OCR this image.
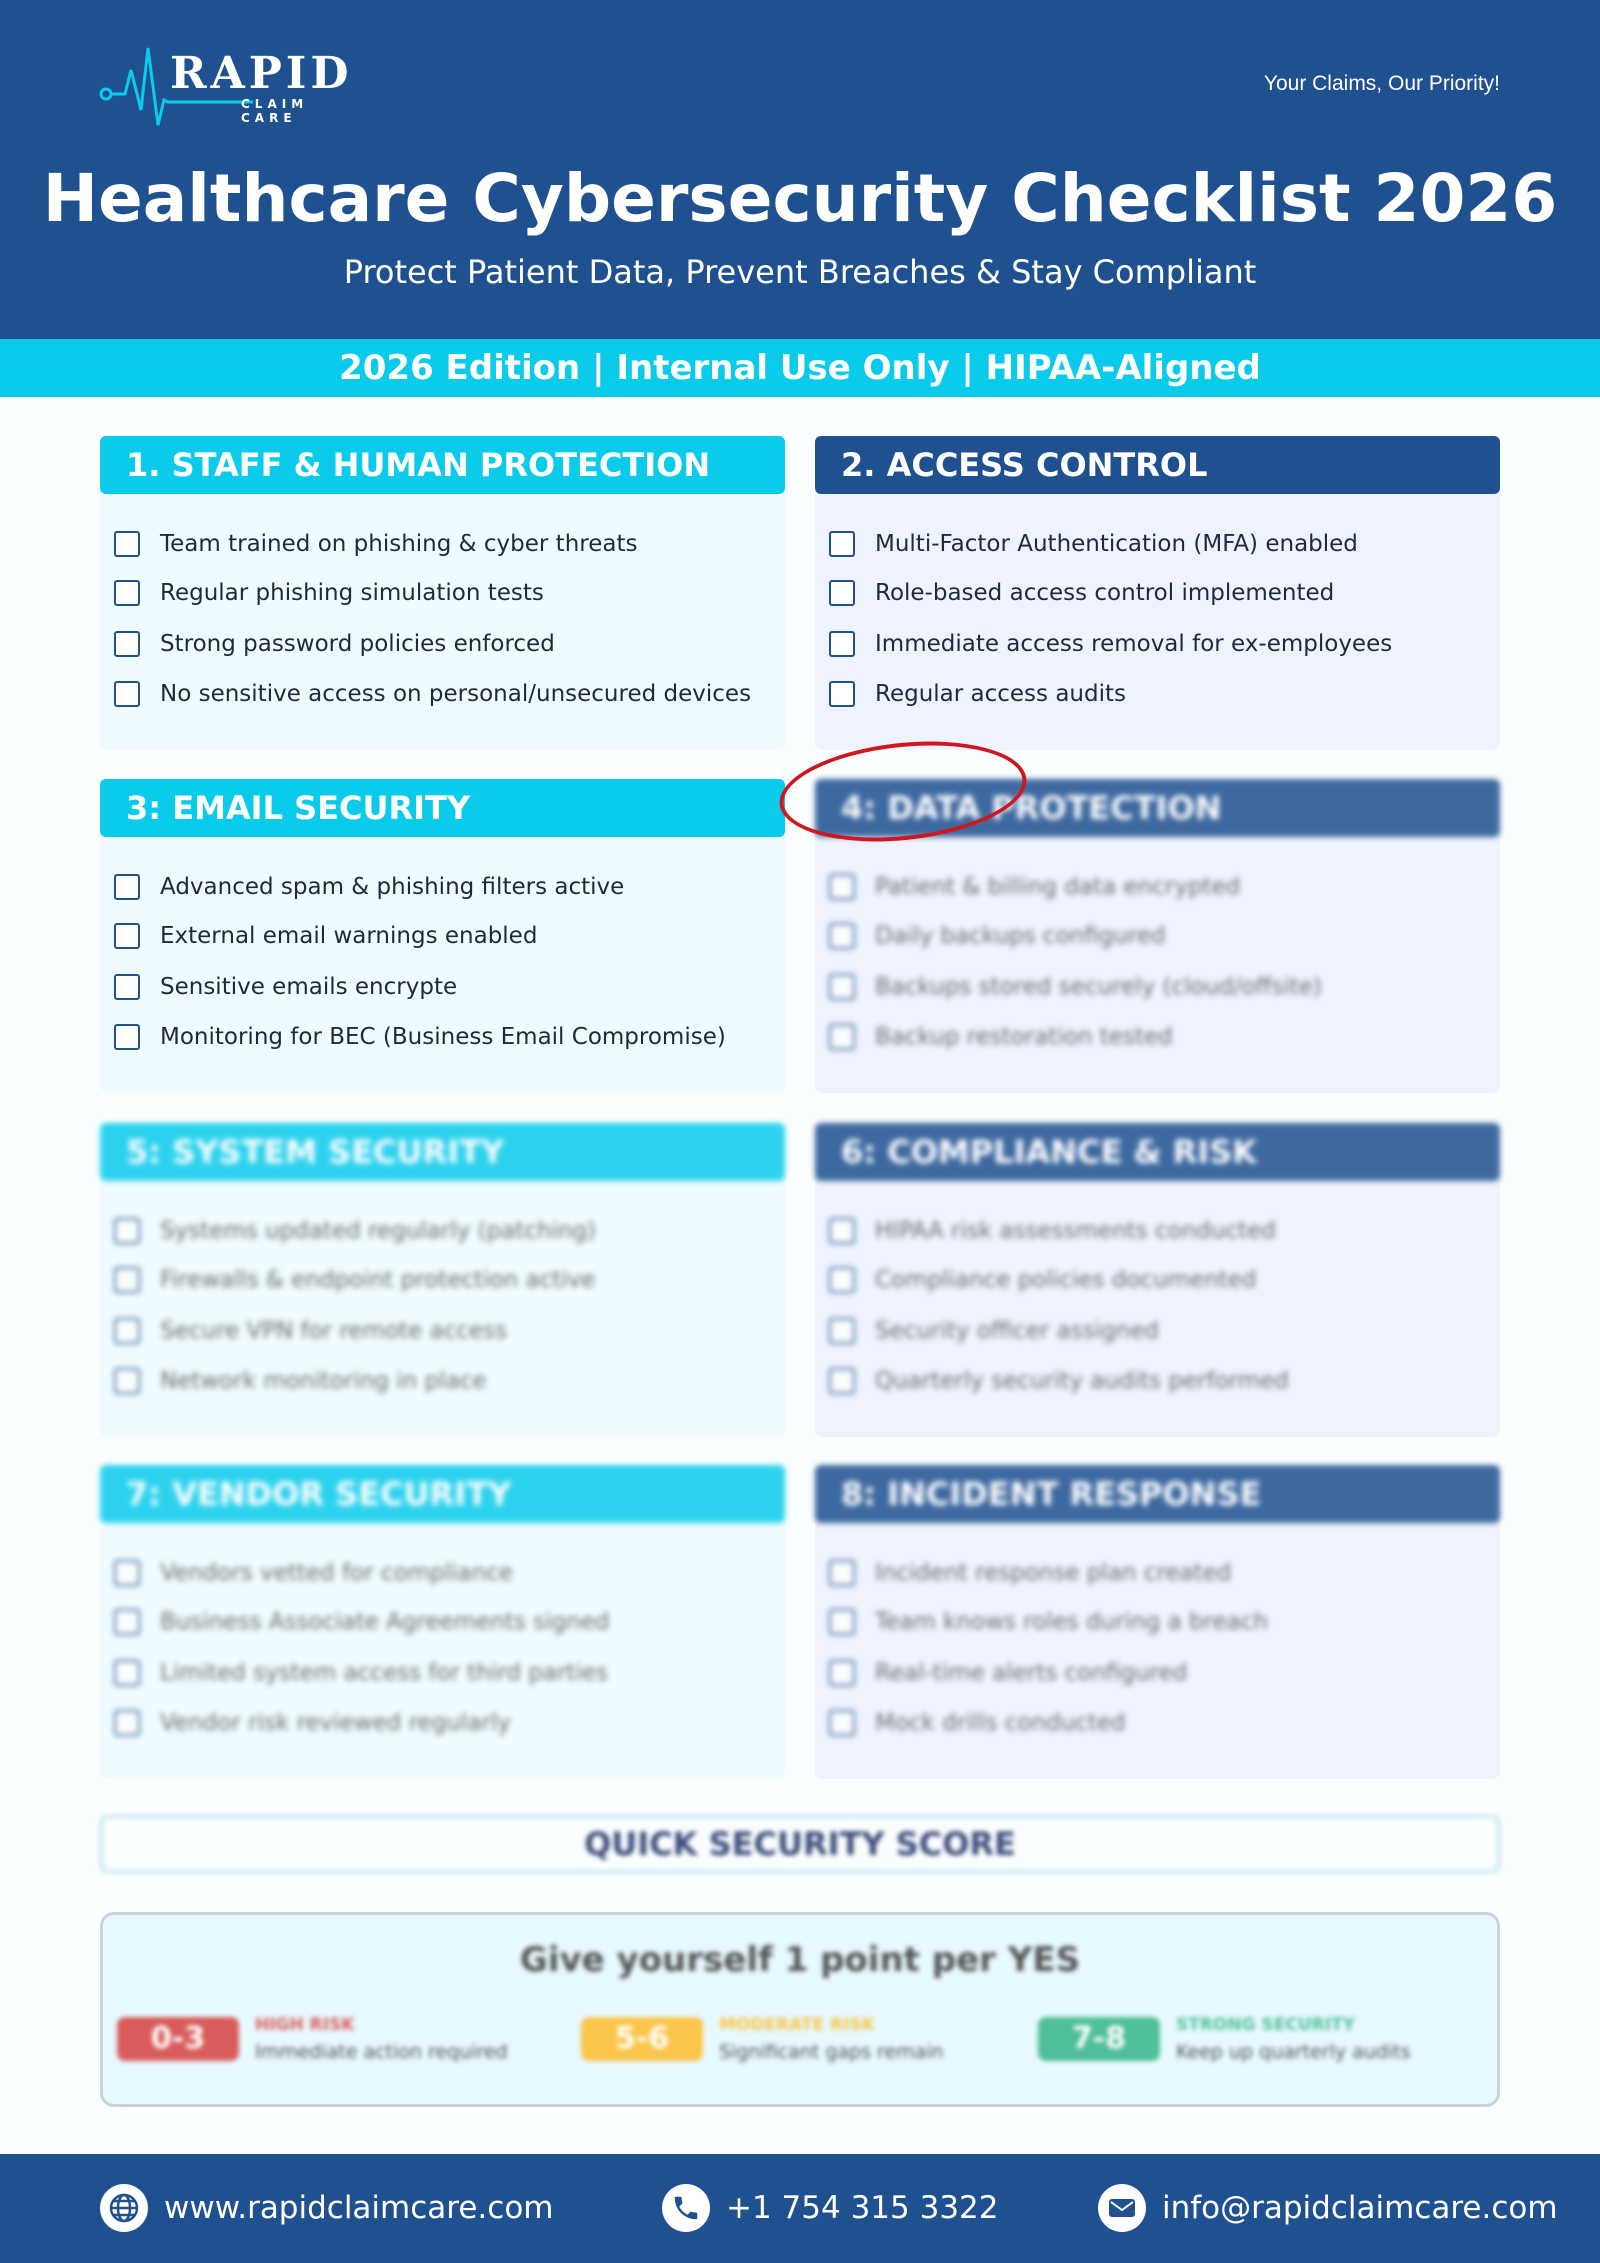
RAPID
CLAIM CARE
Your Claims, Our Priority!
Healthcare Cybersecurity Checklist 2026
Protect Patient Data, Prevent Breaches & Stay Compliant
2026 Edition | Internal Use Only | HIPAA-Aligned
1. STAFF & HUMAN PROTECTION
Team trained on phishing & cyber threats
Regular phishing simulation tests
Strong password policies enforced
No sensitive access on personal/unsecured devices
2. ACCESS CONTROL
Multi-Factor Authentication (MFA) enabled
Role-based access control implemented
Immediate access removal for ex-employees
Regular access audits
3: EMAIL SECURITY
Advanced spam & phishing filters active
External email warnings enabled
Sensitive emails encrypte
Monitoring for BEC (Business Email Compromise)
4: DATA PROTECTION
Patient & billing data encrypted
Daily backups configured
Backups stored securely (cloud/offsite)
Backup restoration tested
5: SYSTEM SECURITY
Systems updated regularly (patching)
Firewalls & endpoint protection active
Secure VPN for remote access
Network monitoring in place
6: COMPLIANCE & RISK
HIPAA risk assessments conducted
Compliance policies documented
Security officer assigned
Quarterly security audits performed
7: VENDOR SECURITY
Vendors vetted for compliance
Business Associate Agreements signed
Limited system access for third parties
Vendor risk reviewed regularly
8: INCIDENT RESPONSE
Incident response plan created
Team knows roles during a breach
Real-time alerts configured
Mock drills conducted
QUICK SECURITY SCORE
Give yourself 1 point per YES
0-3	HIGH RISK
Immediate action required	5-6	MODERATE RISK
Significant gaps remain	7-8	STRONG SECURITY
Keep up quarterly audits
www.rapidclaimcare.com	+1 754 315 3322	info@rapidclaimcare.com
